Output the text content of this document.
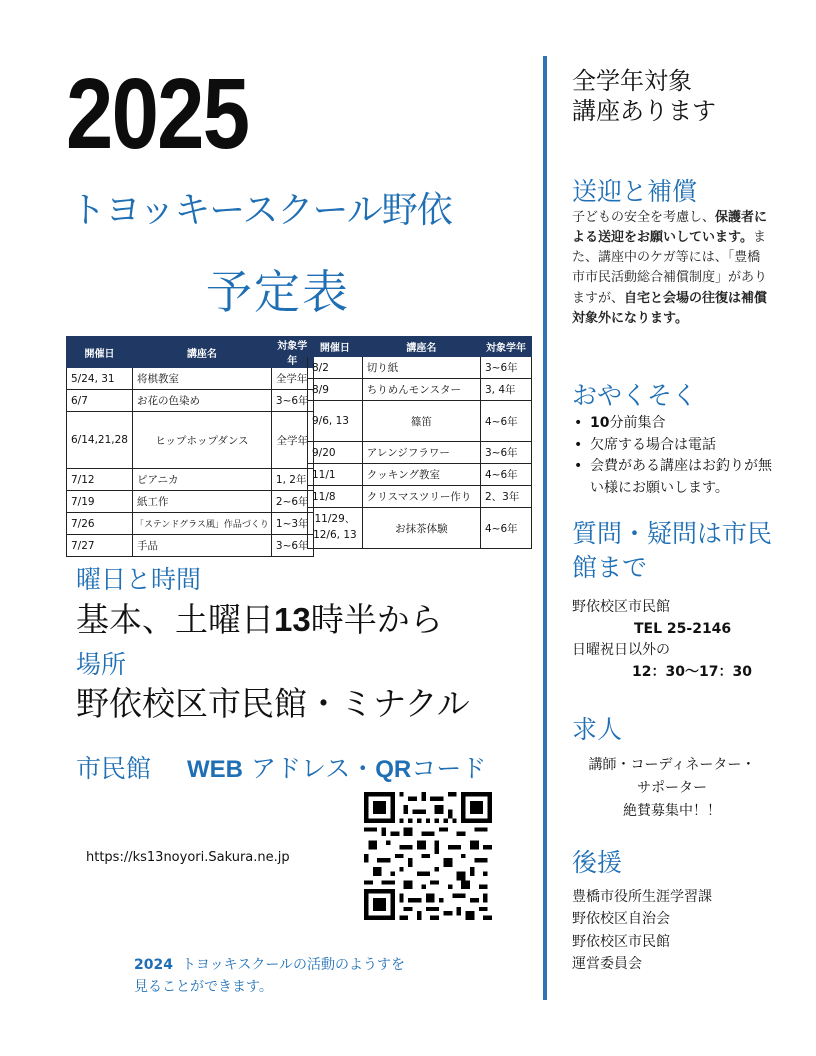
2025
トヨッキースクール野依
予定表
開催日	講座名	対象学年
5/24, 31	将棋教室	全学年
6/7	お花の色染め	3~6年
6/14,21,28	ヒップホップダンス	全学年
7/12	ピアニカ	1, 2年
7/19	紙工作	2~6年
7/26	「ステンドグラス風」作品づくり	1~3年
7/27	手品	3~6年
開催日	講座名	対象学年
8/2	切り紙	3~6年
8/9	ちりめんモンスター	3, 4年
9/6, 13	篠笛	4~6年
9/20	アレンジフラワー	3~6年
11/1	クッキング教室	4~6年
11/8	クリスマスツリー作り	2、3年
11/29、
12/6, 13	お抹茶体験	4~6年
曜日と時間
基本、土曜日13時半から
場所
野依校区市民館・ミナクル
市民館 WEB アドレス・QRコード
https://ks13noyori.Sakura.ne.jp
2024 トヨッキスクールの活動のようすを
見ることができます。
全学年対象
講座あります
送迎と補償
子どもの安全を考慮し、保護者による送迎をお願いしています。また、講座中のケガ等には、「豊橋市市民活動総合補償制度」がありますが、自宅と会場の往復は補償対象外になります。
おやくそく
• 10分前集合
• 欠席する場合は電話
• 会費がある講座はお釣りが無い様にお願いします。
質問・疑問は市民館まで
野依校区市民館
TEL 25-2146
日曜祝日以外の
12：30～17：30
求人
講師・コーディネーター・
サポーター
絶賛募集中！！
後援
豊橋市役所生涯学習課
野依校区自治会
野依校区市民館
運営委員会
